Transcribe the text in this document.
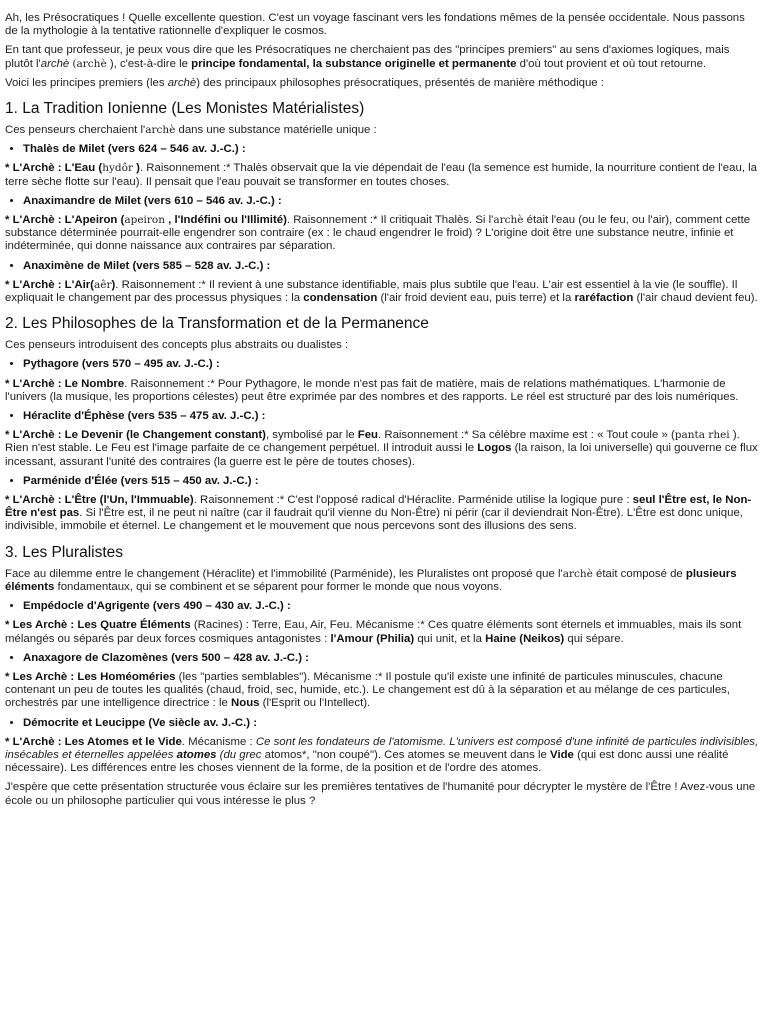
Ah, les Présocratiques ! Quelle excellente question. C'est un voyage fascinant vers les fondations mêmes de la pensée occidentale. Nous passons de la mythologie à la tentative rationnelle d'expliquer le cosmos.

En tant que professeur, je peux vous dire que les Présocratiques ne cherchaient pas des "principes premiers" au sens d'axiomes logiques, mais plutôt l'archè (archè ), c'est-à-dire le principe fondamental, la substance originelle et permanente d'où tout provient et où tout retourne.

Voici les principes premiers (les archè) des principaux philosophes présocratiques, présentés de manière méthodique :

1. La Tradition Ionienne (Les Monistes Matérialistes)

Ces penseurs cherchaient l'archè dans une substance matérielle unique :

• Thalès de Milet (vers 624 – 546 av. J.-C.) :

* L'Archè : L'Eau (hydôr ). Raisonnement :* Thalès observait que la vie dépendait de l'eau (la semence est humide, la nourriture contient de l'eau, la terre sèche flotte sur l'eau). Il pensait que l'eau pouvait se transformer en toutes choses.

• Anaximandre de Milet (vers 610 – 546 av. J.-C.) :

* L'Archè : L'Apeiron (apeiron , l'Indéfini ou l'Illimité). Raisonnement :* Il critiquait Thalès. Si l'archè était l'eau (ou le feu, ou l'air), comment cette substance déterminée pourrait-elle engendrer son contraire (ex : le chaud engendrer le froid) ? L'origine doit être une substance neutre, infinie et indéterminée, qui donne naissance aux contraires par séparation.

• Anaximène de Milet (vers 585 – 528 av. J.-C.) :

* L'Archè : L'Air(aêr). Raisonnement :* Il revient à une substance identifiable, mais plus subtile que l'eau. L'air est essentiel à la vie (le souffle). Il expliquait le changement par des processus physiques : la condensation (l'air froid devient eau, puis terre) et la raréfaction (l'air chaud devient feu).

2. Les Philosophes de la Transformation et de la Permanence

Ces penseurs introduisent des concepts plus abstraits ou dualistes :

• Pythagore (vers 570 – 495 av. J.-C.) :

* L'Archè : Le Nombre. Raisonnement :* Pour Pythagore, le monde n'est pas fait de matière, mais de relations mathématiques. L'harmonie de l'univers (la musique, les proportions célestes) peut être exprimée par des nombres et des rapports. Le réel est structuré par des lois numériques.

• Héraclite d'Éphèse (vers 535 – 475 av. J.-C.) :

* L'Archè : Le Devenir (le Changement constant), symbolisé par le Feu. Raisonnement :* Sa célèbre maxime est : « Tout coule » (panta rhei ). Rien n'est stable. Le Feu est l'image parfaite de ce changement perpétuel. Il introduit aussi le Logos (la raison, la loi universelle) qui gouverne ce flux incessant, assurant l'unité des contraires (la guerre est le père de toutes choses).

• Parménide d'Élée (vers 515 – 450 av. J.-C.) :

* L'Archè : L'Être (l'Un, l'Immuable). Raisonnement :* C'est l'opposé radical d'Héraclite. Parménide utilise la logique pure : seul l'Être est, le Non-Être n'est pas. Si l'Être est, il ne peut ni naître (car il faudrait qu'il vienne du Non-Être) ni périr (car il deviendrait Non-Être). L'Être est donc unique, indivisible, immobile et éternel. Le changement et le mouvement que nous percevons sont des illusions des sens.

3. Les Pluralistes

Face au dilemme entre le changement (Héraclite) et l'immobilité (Parménide), les Pluralistes ont proposé que l'archè était composé de plusieurs éléments fondamentaux, qui se combinent et se séparent pour former le monde que nous voyons.

• Empédocle d'Agrigente (vers 490 – 430 av. J.-C.) :

* Les Archè : Les Quatre Éléments (Racines) : Terre, Eau, Air, Feu. Mécanisme :* Ces quatre éléments sont éternels et immuables, mais ils sont mélangés ou séparés par deux forces cosmiques antagonistes : l'Amour (Philia) qui unit, et la Haine (Neikos) qui sépare.

• Anaxagore de Clazomènes (vers 500 – 428 av. J.-C.) :

* Les Archè : Les Homéoméries (les "parties semblables"). Mécanisme :* Il postule qu'il existe une infinité de particules minuscules, chacune contenant un peu de toutes les qualités (chaud, froid, sec, humide, etc.). Le changement est dû à la séparation et au mélange de ces particules, orchestrés par une intelligence directrice : le Nous (l'Esprit ou l'Intellect).

• Démocrite et Leucippe (Ve siècle av. J.-C.) :

* L'Archè : Les Atomes et le Vide. Mécanisme : Ce sont les fondateurs de l'atomisme. L'univers est composé d'une infinité de particules indivisibles, insécables et éternelles appelées atomes (du grec atomos*, "non coupé"). Ces atomes se meuvent dans le Vide (qui est donc aussi une réalité nécessaire). Les différences entre les choses viennent de la forme, de la position et de l'ordre des atomes.

J'espère que cette présentation structurée vous éclaire sur les premières tentatives de l'humanité pour décrypter le mystère de l'Être ! Avez-vous une école ou un philosophe particulier qui vous intéresse le plus ?
